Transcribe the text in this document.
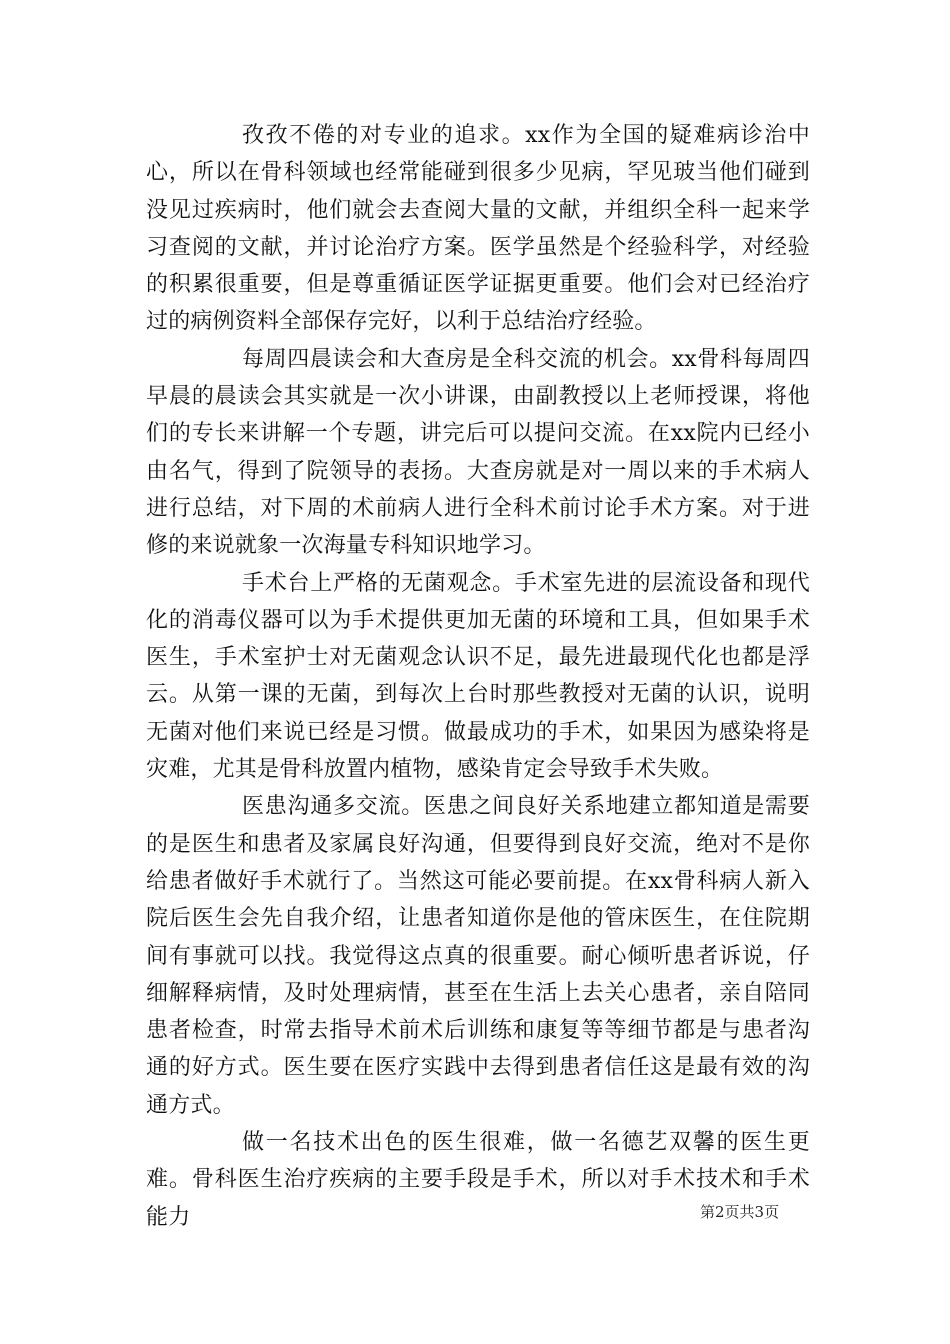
孜孜不倦的对专业的追求。xx作为全国的疑难病诊治中心，所以在骨科领域也经常能碰到很多少见病，罕见玻当他们碰到没见过疾病时，他们就会去查阅大量的文献，并组织全科一起来学习查阅的文献，并讨论治疗方案。医学虽然是个经验科学，对经验的积累很重要，但是尊重循证医学证据更重要。他们会对已经治疗过的病例资料全部保存完好，以利于总结治疗经验。

每周四晨读会和大查房是全科交流的机会。xx骨科每周四早晨的晨读会其实就是一次小讲课，由副教授以上老师授课，将他们的专长来讲解一个专题，讲完后可以提问交流。在xx院内已经小由名气，得到了院领导的表扬。大查房就是对一周以来的手术病人进行总结，对下周的术前病人进行全科术前讨论手术方案。对于进修的来说就象一次海量专科知识地学习。

手术台上严格的无菌观念。手术室先进的层流设备和现代化的消毒仪器可以为手术提供更加无菌的环境和工具，但如果手术医生，手术室护士对无菌观念认识不足，最先进最现代化也都是浮云。从第一课的无菌，到每次上台时那些教授对无菌的认识，说明无菌对他们来说已经是习惯。做最成功的手术，如果因为感染将是灾难，尤其是骨科放置内植物，感染肯定会导致手术失败。

医患沟通多交流。医患之间良好关系地建立都知道是需要的是医生和患者及家属良好沟通，但要得到良好交流，绝对不是你给患者做好手术就行了。当然这可能必要前提。在xx骨科病人新入院后医生会先自我介绍，让患者知道你是他的管床医生，在住院期间有事就可以找。我觉得这点真的很重要。耐心倾听患者诉说，仔细解释病情，及时处理病情，甚至在生活上去关心患者，亲自陪同患者检查，时常去指导术前术后训练和康复等等细节都是与患者沟通的好方式。医生要在医疗实践中去得到患者信任这是最有效的沟通方式。

做一名技术出色的医生很难，做一名德艺双馨的医生更难。骨科医生治疗疾病的主要手段是手术，所以对手术技术和手术能力	第2页共3页
